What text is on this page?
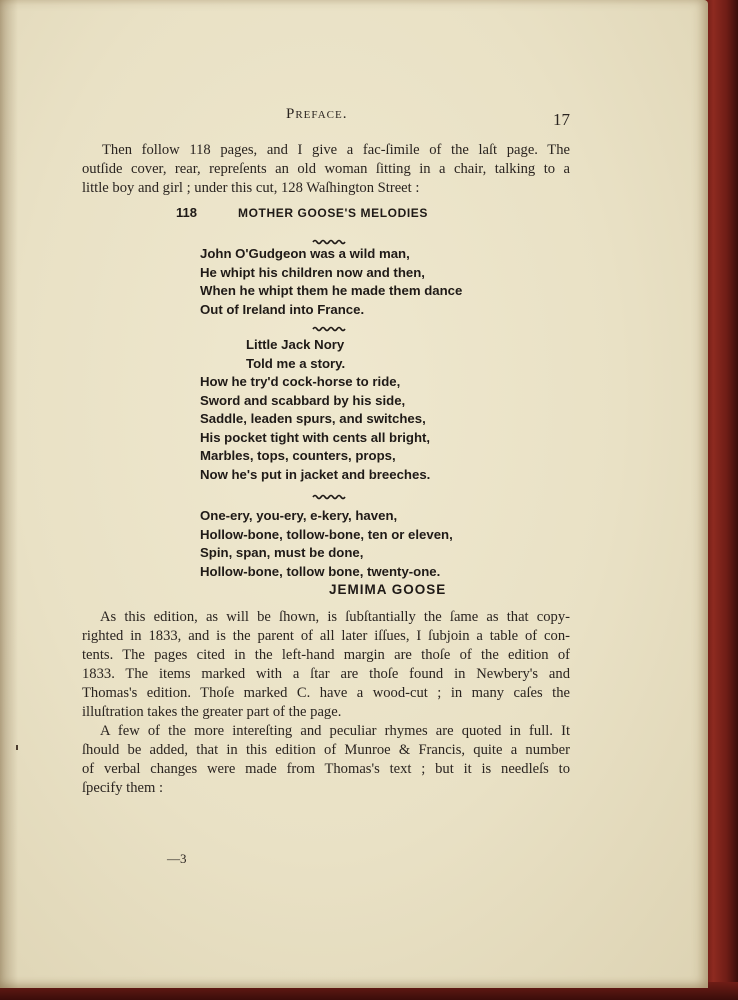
Preface.	17
Then follow 118 pages, and I give a fac-ſimile of the laſt page. The
outſide cover, rear, repreſents an old woman ſitting in a chair, talking to a
little boy and girl ; under this cut, 128 Waſhington Street :
118	MOTHER GOOSE'S MELODIES
John O'Gudgeon was a wild man,
He whipt his children now and then,
When he whipt them he made them dance
Out of Ireland into France.
Little Jack Nory
Told me a story.
How he try'd cock-horse to ride,
Sword and scabbard by his side,
Saddle, leaden spurs, and switches,
His pocket tight with cents all bright,
Marbles, tops, counters, props,
Now he's put in jacket and breeches.
One-ery, you-ery, e-kery, haven,
Hollow-bone, tollow-bone, ten or eleven,
Spin, span, must be done,
Hollow-bone, tollow bone, twenty-one.
JEMIMA GOOSE
As this edition, as will be ſhown, is ſubſtantially the ſame as that copy-
righted in 1833, and is the parent of all later iſſues, I ſubjoin a table of con-
tents. The pages cited in the left-hand margin are thoſe of the edition of
1833. The items marked with a ſtar are thoſe found in Newbery's and
Thomas's edition. Thoſe marked C. have a wood-cut ; in many caſes the
illuſtration takes the greater part of the page.
A few of the more intereſting and peculiar rhymes are quoted in full. It
ſhould be added, that in this edition of Munroe & Francis, quite a number
of verbal changes were made from Thomas's text ; but it is needleſs to
ſpecify them :
—3
